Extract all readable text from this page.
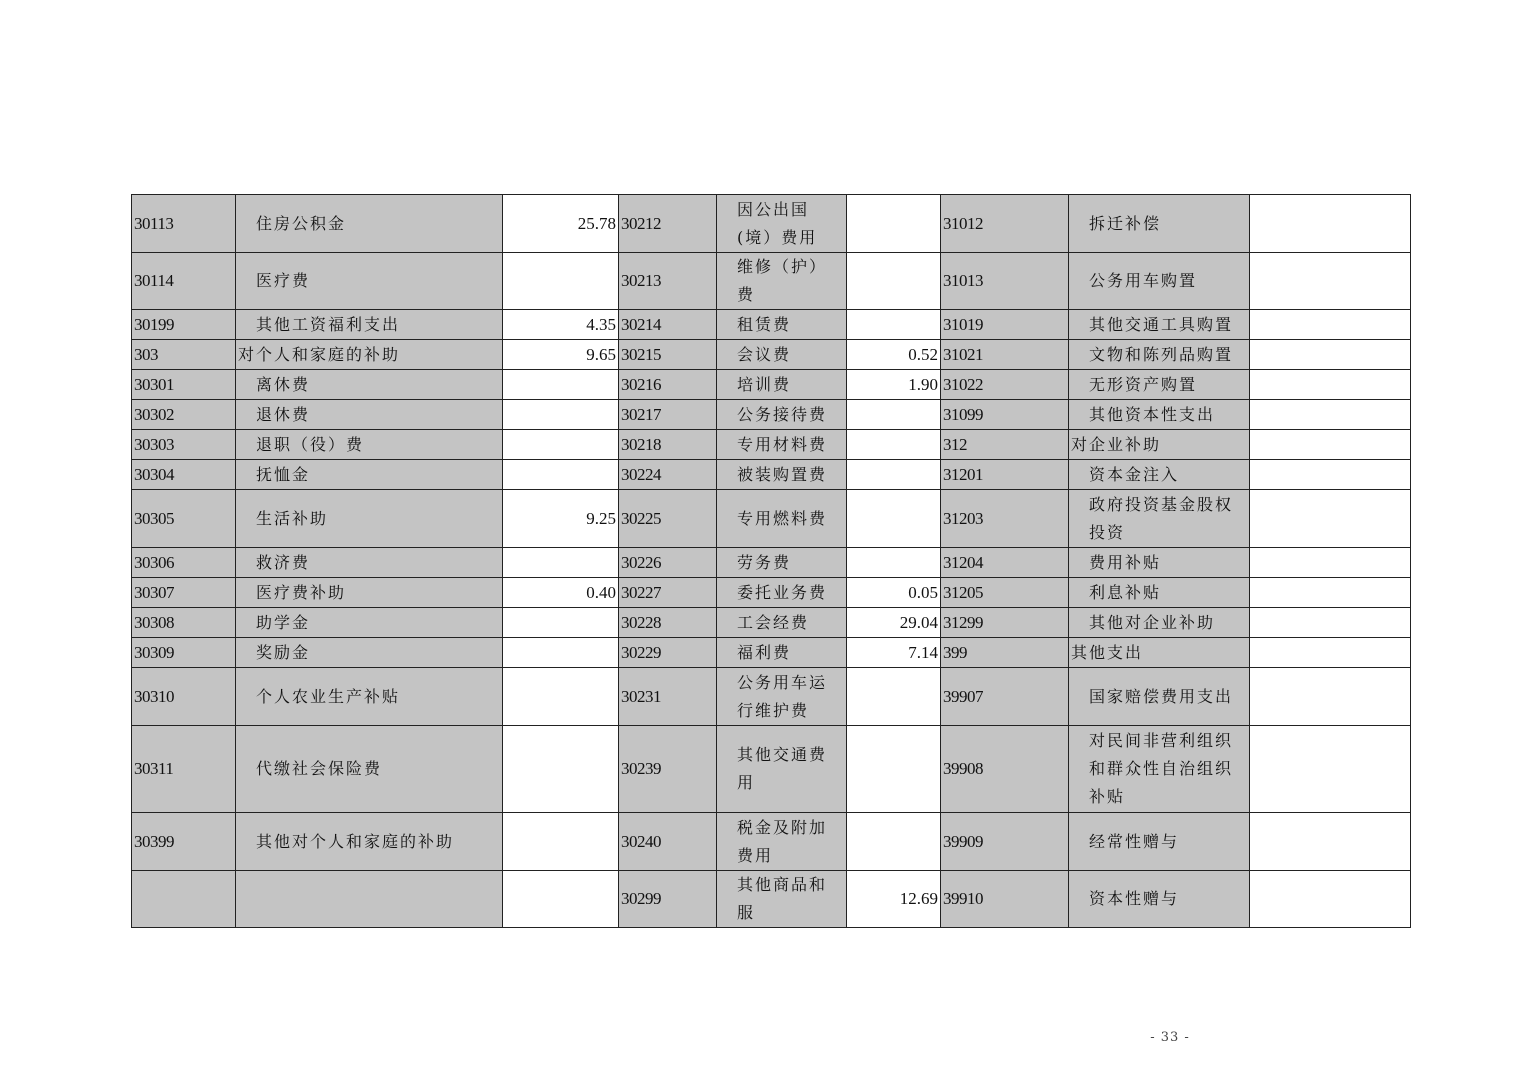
30113	住房公积金	25.78	30212	因公出国(境）费用		31012	拆迁补偿	
30114	医疗费		30213	维修（护）费		31013	公务用车购置	
30199	其他工资福利支出	4.35	30214	租赁费		31019	其他交通工具购置	
303	对个人和家庭的补助	9.65	30215	会议费	0.52	31021	文物和陈列品购置	
30301	离休费		30216	培训费	1.90	31022	无形资产购置	
30302	退休费		30217	公务接待费		31099	其他资本性支出	
30303	退职（役）费		30218	专用材料费		312	对企业补助	
30304	抚恤金		30224	被装购置费		31201	资本金注入	
30305	生活补助	9.25	30225	专用燃料费		31203	政府投资基金股权投资	
30306	救济费		30226	劳务费		31204	费用补贴	
30307	医疗费补助	0.40	30227	委托业务费	0.05	31205	利息补贴	
30308	助学金		30228	工会经费	29.04	31299	其他对企业补助	
30309	奖励金		30229	福利费	7.14	399	其他支出	
30310	个人农业生产补贴		30231	公务用车运行维护费		39907	国家赔偿费用支出	
30311	代缴社会保险费		30239	其他交通费用		39908	对民间非营利组织和群众性自治组织补贴	
30399	其他对个人和家庭的补助		30240	税金及附加费用		39909	经常性赠与	
			30299	其他商品和服	12.69	39910	资本性赠与	
- 33 -
